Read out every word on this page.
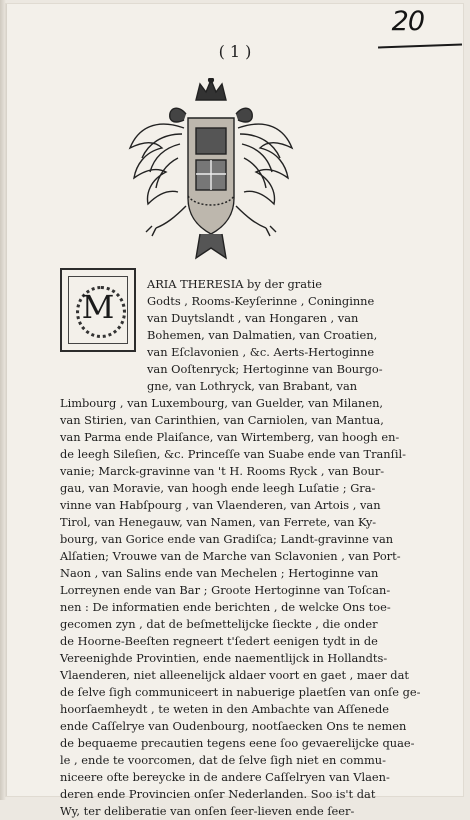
20
( 1 )
M
ARIA THERESIA by der gratie
Godts , Rooms-Keyſerinne , Coninginne
van Duytslandt , van Hongaren , van
Bohemen, van Dalmatien, van Croatien,
van Eſclavonien , &c. Aerts-Hertoginne
van Ooſtenryck; Hertoginne van Bourgo-
gne, van Lothryck, van Brabant, van
Limbourg , van Luxembourg, van Guelder, van Milanen,
van Stirien, van Carinthien, van Carniolen, van Mantua,
van Parma ende Plaiſance, van Wirtemberg, van hoogh en-
de leegh Sileſien, &c. Princeſſe van Suabe ende van Tranſil-
vanie; Marck-gravinne van 't H. Rooms Ryck , van Bour-
gau, van Moravie, van hoogh ende leegh Luſatie ; Gra-
vinne van Habſpourg , van Vlaenderen, van Artois , van
Tirol, van Henegauw, van Namen, van Ferrete, van Ky-
bourg, van Gorice ende van Gradiſca; Landt-gravinne van
Alſatien; Vrouwe van de Marche van Sclavonien , van Port-
Naon , van Salins ende van Mechelen ; Hertoginne van
Lorreynen ende van Bar ; Groote Hertoginne van Toſcan-
nen : De informatien ende berichten , de welcke Ons toe-
gecomen zyn , dat de beſmettelijcke ſieckte , die onder
de Hoorne-Beeſten regneert t'ſedert eenigen tydt in de
Vereenighde Provintien, ende naementlijck in Hollandts-
Vlaenderen, niet alleenelijck aldaer voort en gaet , maer dat
de ſelve ſigh communiceert in nabuerige plaetſen van onſe ge-
hoorſaemheydt , te weten in den Ambachte van Aſſenede
ende Caſſelrye van Oudenbourg, nootſaecken Ons te nemen
de bequaeme precautien tegens eene ſoo gevaerelijcke quae-
le , ende te voorcomen, dat de ſelve ſigh niet en commu-
niceere ofte bereycke in de andere Caſſelryen van Vlaen-
deren ende Provincien onſer Nederlanden. Soo is't dat
Wy, ter deliberatie van onſen ſeer-lieven ende ſeer-
